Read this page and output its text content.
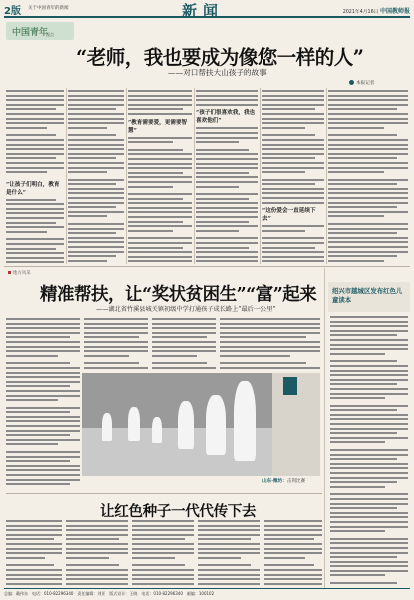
2版 关于中国青年的新闻	新闻	2021年4月16日 中国教师报
中国青年
视点
“老师，我也要成为像您一样的人”
——对口帮扶大山孩子的故事
本报记者
“让孩子们明白，教育是什么”
“教育需要爱，更需要智慧”
“孩子们很喜欢我，我也喜欢他们”
“这份爱会一直延续下去”
地方风采
精准帮扶，让“奖状贫困生”“富”起来
——湖北省竹溪县城关镇初级中学打通孩子成长路上“最后一公里”
山东·潍坊：击剑比赛
绍兴市越城区发布红色儿童读本
让红色种子一代代传下去
总编：戴伟东　电话：010-82296340　责任编辑：刘亚　版式设计：王晓　电话：010-82296340　邮编：100102
